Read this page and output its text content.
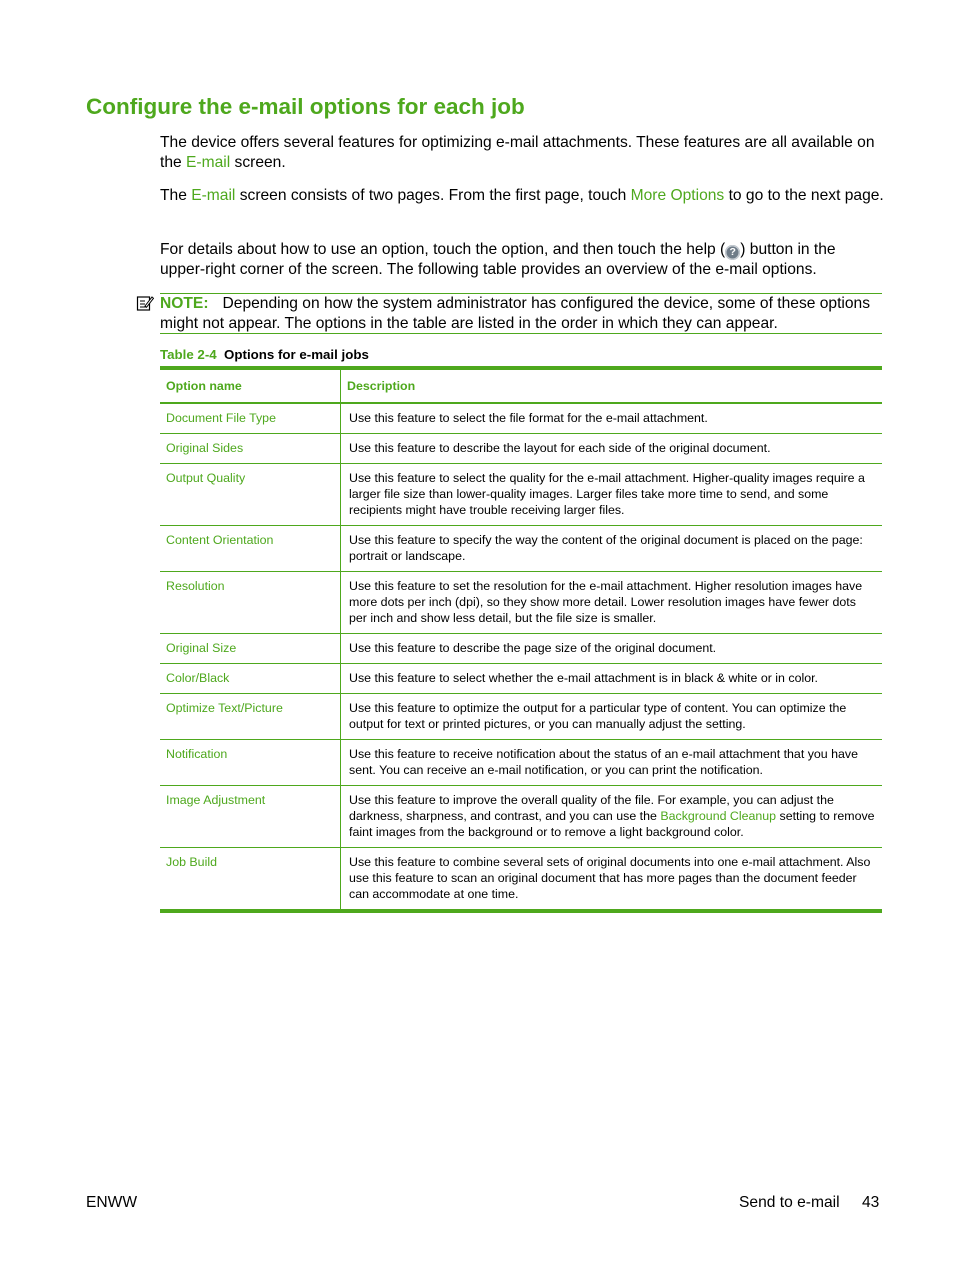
Configure the e-mail options for each job

The device offers several features for optimizing e-mail attachments. These features are all available on the E-mail screen.

The E-mail screen consists of two pages. From the first page, touch More Options to go to the next page.

For details about how to use an option, touch the option, and then touch the help ( ? ) button in the upper-right corner of the screen. The following table provides an overview of the e-mail options.

NOTE: Depending on how the system administrator has configured the device, some of these options might not appear. The options in the table are listed in the order in which they can appear.

Table 2-4 Options for e-mail jobs

Option name	Description
Document File Type	Use this feature to select the file format for the e-mail attachment.
Original Sides	Use this feature to describe the layout for each side of the original document.
Output Quality	Use this feature to select the quality for the e-mail attachment. Higher-quality images require a larger file size than lower-quality images. Larger files take more time to send, and some recipients might have trouble receiving larger files.
Content Orientation	Use this feature to specify the way the content of the original document is placed on the page: portrait or landscape.
Resolution	Use this feature to set the resolution for the e-mail attachment. Higher resolution images have more dots per inch (dpi), so they show more detail. Lower resolution images have fewer dots per inch and show less detail, but the file size is smaller.
Original Size	Use this feature to describe the page size of the original document.
Color/Black	Use this feature to select whether the e-mail attachment is in black & white or in color.
Optimize Text/Picture	Use this feature to optimize the output for a particular type of content. You can optimize the output for text or printed pictures, or you can manually adjust the setting.
Notification	Use this feature to receive notification about the status of an e-mail attachment that you have sent. You can receive an e-mail notification, or you can print the notification.
Image Adjustment	Use this feature to improve the overall quality of the file. For example, you can adjust the darkness, sharpness, and contrast, and you can use the Background Cleanup setting to remove faint images from the background or to remove a light background color.
Job Build	Use this feature to combine several sets of original documents into one e-mail attachment. Also use this feature to scan an original document that has more pages than the document feeder can accommodate at one time.

ENWW	Send to e-mail 43
